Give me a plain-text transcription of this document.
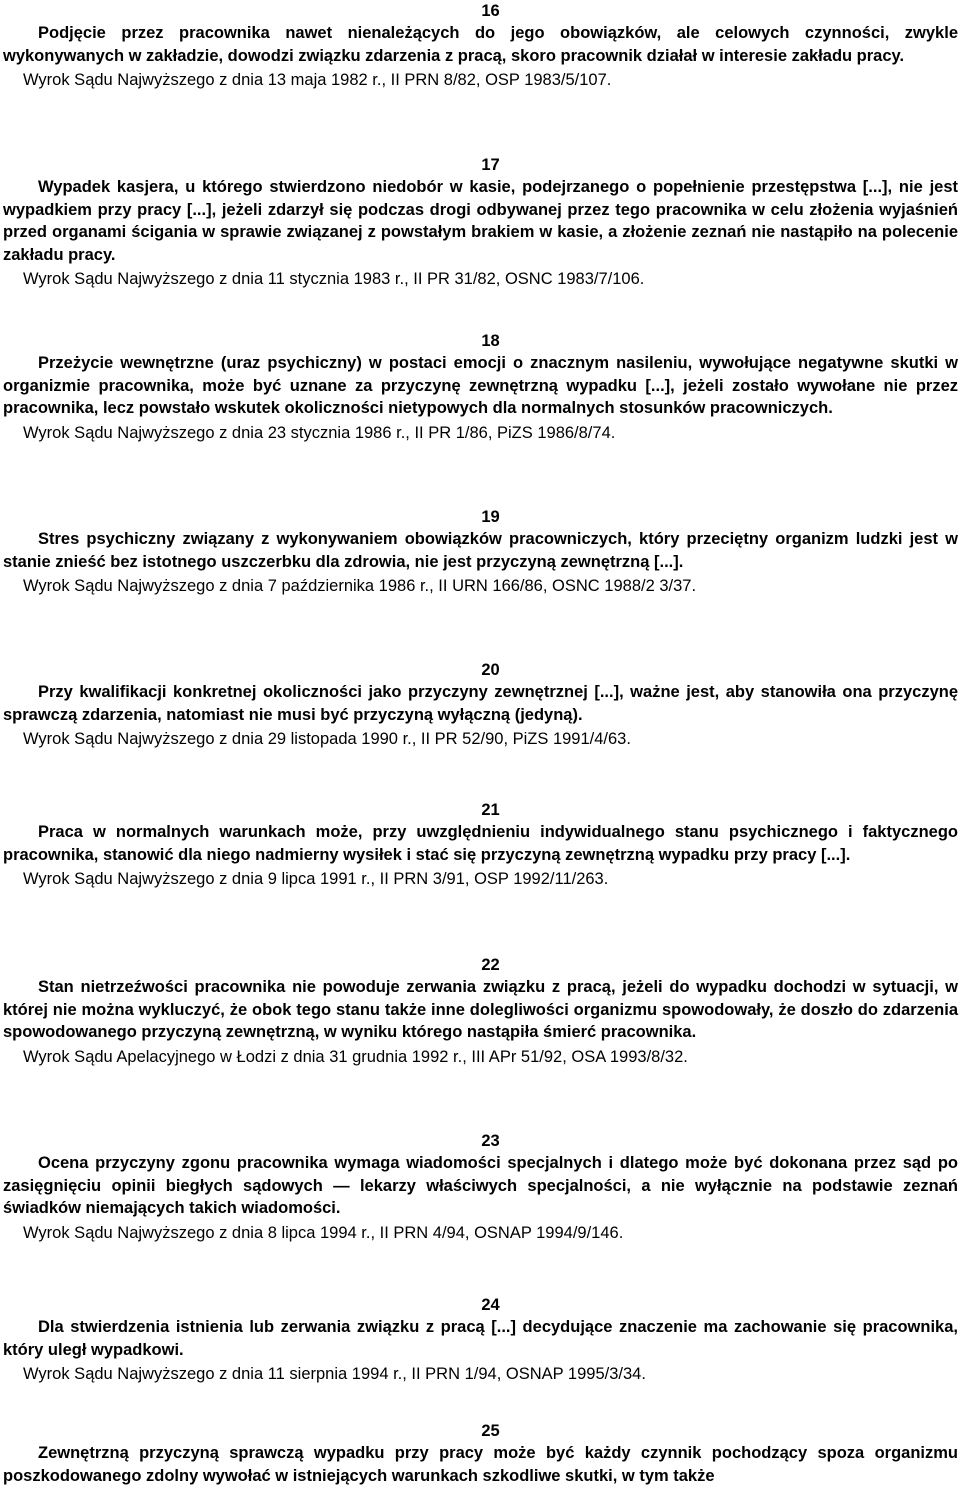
16

Podjęcie przez pracownika nawet nienależących do jego obowiązków, ale celowych czynności, zwykle wykonywanych w zakładzie, dowodzi związku zdarzenia z pracą, skoro pracownik działał w interesie zakładu pracy.

Wyrok Sądu Najwyższego z dnia 13 maja 1982 r., II PRN 8/82, OSP 1983/5/107.
17

Wypadek kasjera, u którego stwierdzono niedobór w kasie, podejrzanego o popełnienie przestępstwa [...], nie jest wypadkiem przy pracy [...], jeżeli zdarzył się podczas drogi odbywanej przez tego pracownika w celu złożenia wyjaśnień przed organami ścigania w sprawie związanej z powstałym brakiem w kasie, a złożenie zeznań nie nastąpiło na polecenie zakładu pracy.

Wyrok Sądu Najwyższego z dnia 11 stycznia 1983 r., II PR 31/82, OSNC 1983/7/106.
18

Przeżycie wewnętrzne (uraz psychiczny) w postaci emocji o znacznym nasileniu, wywołujące negatywne skutki w organizmie pracownika, może być uznane za przyczynę zewnętrzną wypadku [...], jeżeli zostało wywołane nie przez pracownika, lecz powstało wskutek okoliczności nietypowych dla normalnych stosunków pracowniczych.

Wyrok Sądu Najwyższego z dnia 23 stycznia 1986 r., II PR 1/86, PiZS 1986/8/74.
19

Stres psychiczny związany z wykonywaniem obowiązków pracowniczych, który przeciętny organizm ludzki jest w stanie znieść bez istotnego uszczerbku dla zdrowia, nie jest przyczyną zewnętrzną [...].

Wyrok Sądu Najwyższego z dnia 7 października 1986 r., II URN 166/86, OSNC 1988/2 3/37.
20

Przy kwalifikacji konkretnej okoliczności jako przyczyny zewnętrznej [...], ważne jest, aby stanowiła ona przyczynę sprawczą zdarzenia, natomiast nie musi być przyczyną wyłączną (jedyną).

Wyrok Sądu Najwyższego z dnia 29 listopada 1990 r., II PR 52/90, PiZS 1991/4/63.
21

Praca w normalnych warunkach może, przy uwzględnieniu indywidualnego stanu psychicznego i faktycznego pracownika, stanowić dla niego nadmierny wysiłek i stać się przyczyną zewnętrzną wypadku przy pracy [...].

Wyrok Sądu Najwyższego z dnia 9 lipca 1991 r., II PRN 3/91, OSP 1992/11/263.
22

Stan nietrzeźwości pracownika nie powoduje zerwania związku z pracą, jeżeli do wypadku dochodzi w sytuacji, w której nie można wykluczyć, że obok tego stanu także inne dolegliwości organizmu spowodowały, że doszło do zdarzenia spowodowanego przyczyną zewnętrzną, w wyniku którego nastąpiła śmierć pracownika.

Wyrok Sądu Apelacyjnego w Łodzi z dnia 31 grudnia 1992 r., III APr 51/92, OSA 1993/8/32.
23

Ocena przyczyny zgonu pracownika wymaga wiadomości specjalnych i dlatego może być dokonana przez sąd po zasięgnięciu opinii biegłych sądowych — lekarzy właściwych specjalności, a nie wyłącznie na podstawie zeznań świadków niemających takich wiadomości.

Wyrok Sądu Najwyższego z dnia 8 lipca 1994 r., II PRN 4/94, OSNAP 1994/9/146.
24

Dla stwierdzenia istnienia lub zerwania związku z pracą [...] decydujące znaczenie ma zachowanie się pracownika, który uległ wypadkowi.

Wyrok Sądu Najwyższego z dnia 11 sierpnia 1994 r., II PRN 1/94, OSNAP 1995/3/34.
25

Zewnętrzną przyczyną sprawczą wypadku przy pracy może być każdy czynnik pochodzący spoza organizmu poszkodowanego zdolny wywołać w istniejących warunkach szkodliwe skutki, w tym także
